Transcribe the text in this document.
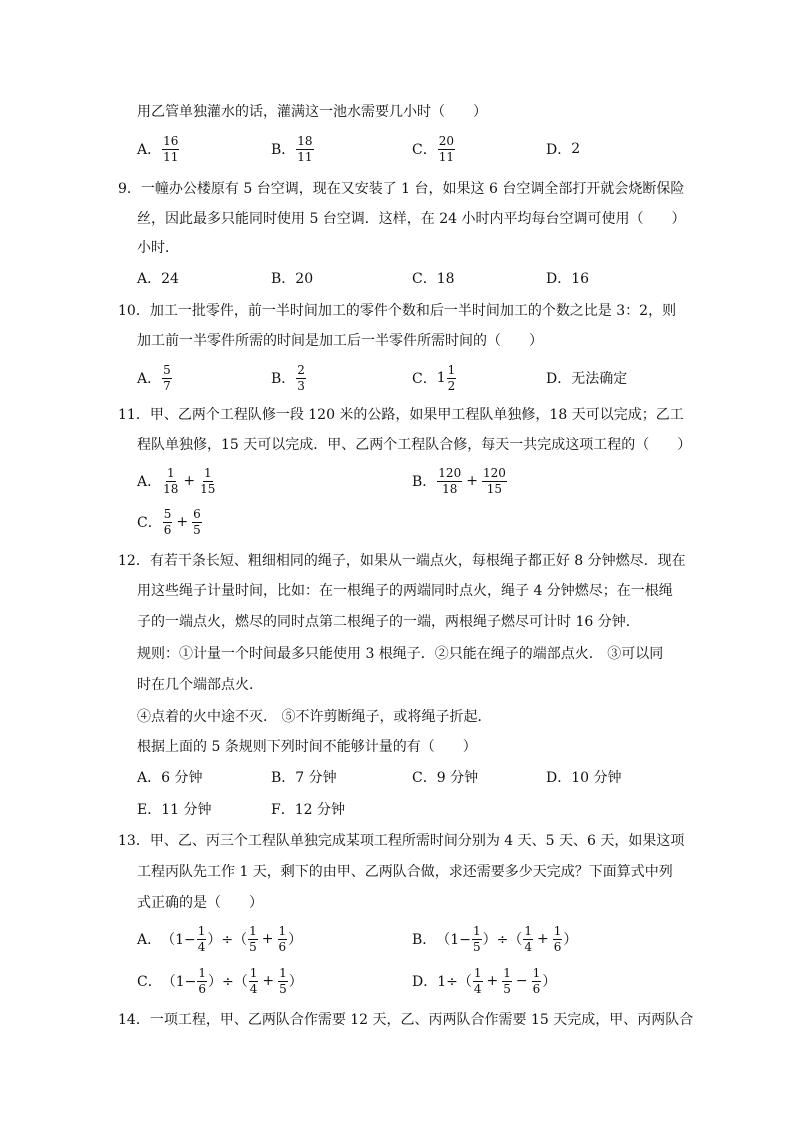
用乙管单独灌水的话，灌满这一池水需要几小时（　　）
A． $\frac{16}{11}$	B． $\frac{18}{11}$	C． $\frac{20}{11}$	D． 2
9．一幢办公楼原有 5 台空调，现在又安装了 1 台，如果这 6 台空调全部打开就会烧断保险
丝，因此最多只能同时使用 5 台空调．这样，在 24 小时内平均每台空调可使用（　　）
小时．
A．24	B．20	C．18	D．16
10．加工一批零件，前一半时间加工的零件个数和后一半时间加工的个数之比是 3：2，则
加工前一半零件所需的时间是加工后一半零件所需时间的（　　）
A． $\frac{5}{7}$	B． $\frac{2}{3}$	C． $1 \frac{1}{2}$	D．无法确定
11．甲、乙两个工程队修一段 120 米的公路，如果甲工程队单独修，18 天可以完成；乙工
程队单独修，15 天可以完成．甲、乙两个工程队合修，每天一共完成这项工程的（　　）
A． $\frac{1}{18} + \frac{1}{15}$	B． $\frac{120}{18} + \frac{120}{15}$
C． $\frac{5}{6} + \frac{6}{5}$
12．有若干条长短、粗细相同的绳子，如果从一端点火，每根绳子都正好 8 分钟燃尽．现在
用这些绳子计量时间，比如：在一根绳子的两端同时点火，绳子 4 分钟燃尽；在一根绳
子的一端点火，燃尽的同时点第二根绳子的一端，两根绳子燃尽可计时 16 分钟．
规则：①计量一个时间最多只能使用 3 根绳子．②只能在绳子的端部点火． ③可以同
时在几个端部点火．
④点着的火中途不灭． ⑤不许剪断绳子，或将绳子折起．
根据上面的 5 条规则下列时间不能够计量的有（　　）
A．6 分钟	B．7 分钟	C．9 分钟	D．10 分钟
E．11 分钟	F．12 分钟
13．甲、乙、丙三个工程队单独完成某项工程所需时间分别为 4 天、5 天、6 天，如果这项
工程丙队先工作 1 天，剩下的由甲、乙两队合做，求还需要多少天完成？下面算式中列
式正确的是（　　）
A． （$1- \frac{1}{4}$ ）÷（ $\frac{1}{5} + \frac{1}{6}$ ）	B． （$1- \frac{1}{5}$ ）÷（ $\frac{1}{4} + \frac{1}{6}$ ）
C． （$1- \frac{1}{6}$ ）÷（ $\frac{1}{4} + \frac{1}{5}$ ）	D． $1\div( \frac{1}{4} + \frac{1}{5} - \frac{1}{6}$ ）
14．一项工程，甲、乙两队合作需要 12 天，乙、丙两队合作需要 15 天完成，甲、丙两队合
